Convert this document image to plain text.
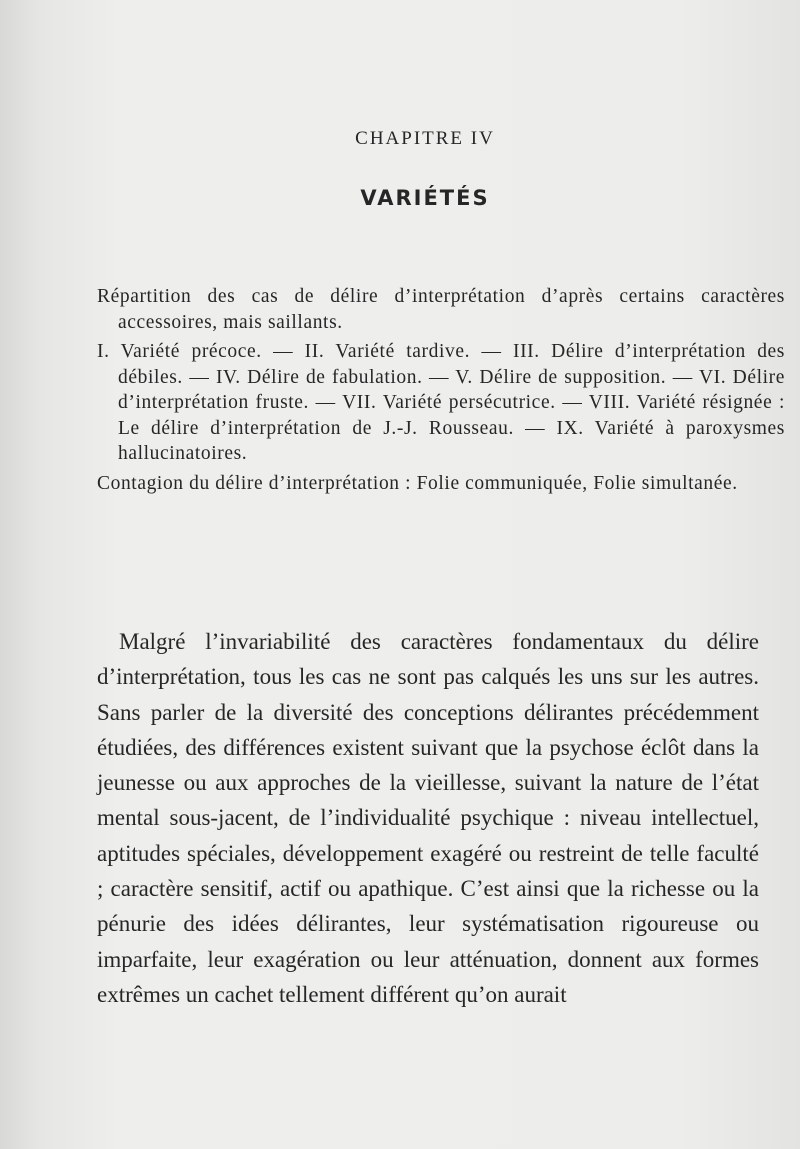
CHAPITRE IV
VARIÉTÉS

Répartition des cas de délire d’interprétation d’après certains caractères accessoires, mais saillants.

I. Variété précoce. — II. Variété tardive. — III. Délire d’interprétation des débiles. — IV. Délire de fabulation. — V. Délire de supposition. — VI. Délire d’interprétation fruste. — VII. Variété persécutrice. — VIII. Variété résignée : Le délire d’interprétation de J.-J. Rousseau. — IX. Variété à paroxysmes hallucinatoires.

Contagion du délire d’interprétation : Folie communiquée, Folie simultanée.

Malgré l’invariabilité des caractères fondamentaux du délire d’interprétation, tous les cas ne sont pas calqués les uns sur les autres. Sans parler de la diversité des conceptions délirantes précédemment étudiées, des différences existent suivant que la psychose éclôt dans la jeunesse ou aux approches de la vieillesse, suivant la nature de l’état mental sous-jacent, de l’individualité psychique : niveau intellectuel, aptitudes spéciales, développement exagéré ou restreint de telle faculté ; caractère sensitif, actif ou apathique. C’est ainsi que la richesse ou la pénurie des idées délirantes, leur systématisation rigoureuse ou imparfaite, leur exagération ou leur atténuation, donnent aux formes extrêmes un cachet tellement différent qu’on aurait
